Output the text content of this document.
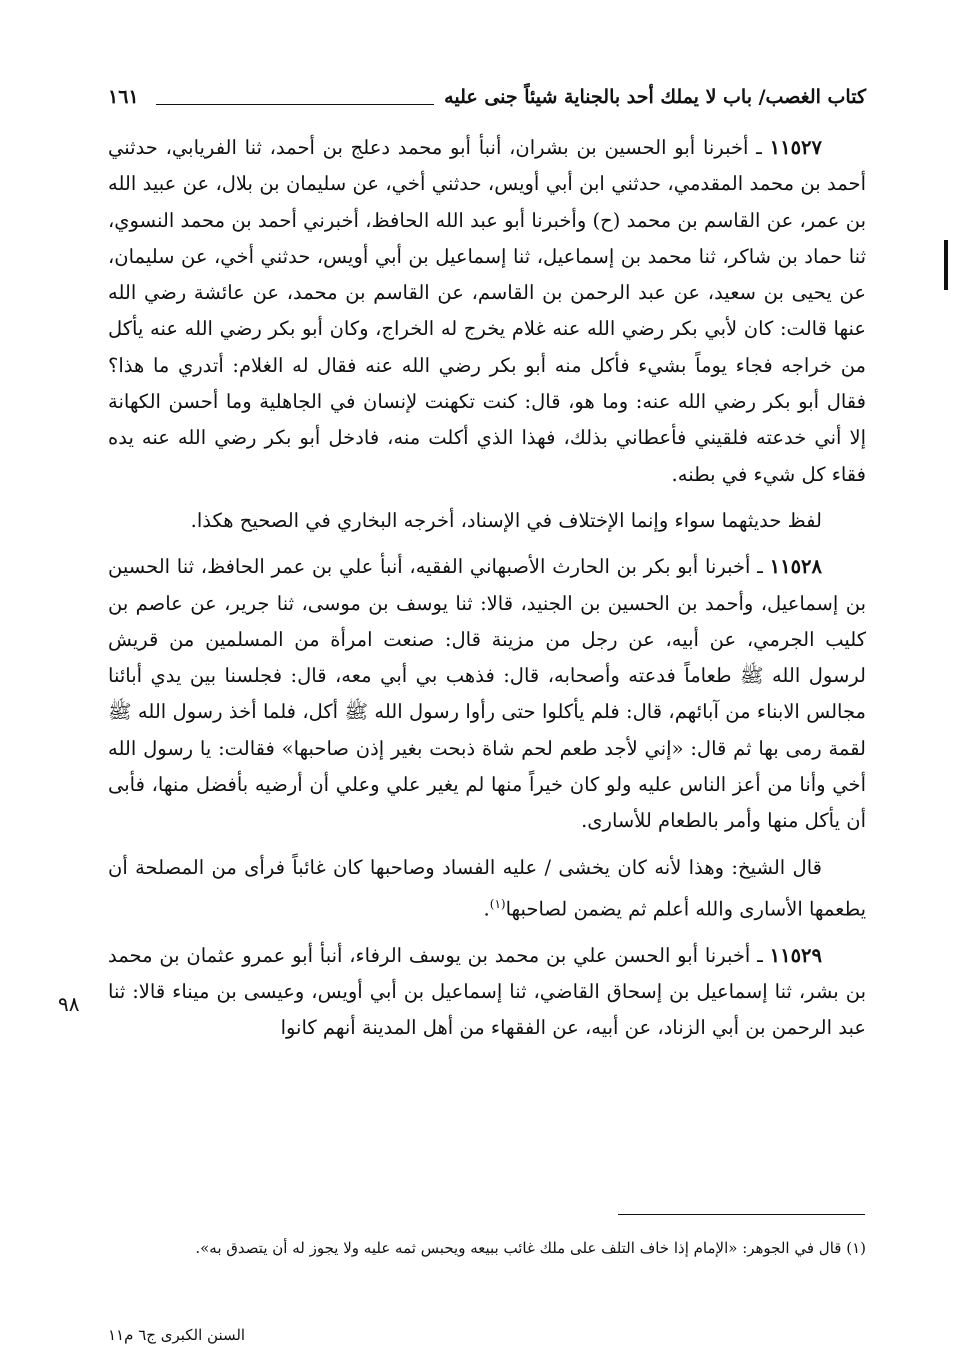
كتاب الغصب/ باب لا يملك أحد بالجناية شيئاً جنى عليه
١٦١

١١٥٢٧ ـ أخبرنا أبو الحسين بن بشران، أنبأ أبو محمد دعلج بن أحمد، ثنا الفريابي، حدثني أحمد بن محمد المقدمي، حدثني ابن أبي أويس، حدثني أخي، عن سليمان بن بلال، عن عبيد الله بن عمر، عن القاسم بن محمد (ح) وأخبرنا أبو عبد الله الحافظ، أخبرني أحمد بن محمد النسوي، ثنا حماد بن شاكر، ثنا محمد بن إسماعيل، ثنا إسماعيل بن أبي أويس، حدثني أخي، عن سليمان، عن يحيى بن سعيد، عن عبد الرحمن بن القاسم، عن القاسم بن محمد، عن عائشة رضي الله عنها قالت: كان لأبي بكر رضي الله عنه غلام يخرج له الخراج، وكان أبو بكر رضي الله عنه يأكل من خراجه فجاء يوماً بشيء فأكل منه أبو بكر رضي الله عنه فقال له الغلام: أتدري ما هذا؟ فقال أبو بكر رضي الله عنه: وما هو، قال: كنت تكهنت لإنسان في الجاهلية وما أحسن الكهانة إلا أني خدعته فلقيني فأعطاني بذلك، فهذا الذي أكلت منه، فادخل أبو بكر رضي الله عنه يده فقاء كل شيء في بطنه.

لفظ حديثهما سواء وإنما الإختلاف في الإسناد، أخرجه البخاري في الصحيح هكذا.

١١٥٢٨ ـ أخبرنا أبو بكر بن الحارث الأصبهاني الفقيه، أنبأ علي بن عمر الحافظ، ثنا الحسين بن إسماعيل، وأحمد بن الحسين بن الجنيد، قالا: ثنا يوسف بن موسى، ثنا جرير، عن عاصم بن كليب الجرمي، عن أبيه، عن رجل من مزينة قال: صنعت امرأة من المسلمين من قريش لرسول الله ﷺ طعاماً فدعته وأصحابه، قال: فذهب بي أبي معه، قال: فجلسنا بين يدي أبائنا مجالس الابناء من آبائهم، قال: فلم يأكلوا حتى رأوا رسول الله ﷺ أكل، فلما أخذ رسول الله ﷺ لقمة رمى بها ثم قال: «إني لأجد طعم لحم شاة ذبحت بغير إذن صاحبها» فقالت: يا رسول الله أخي وأنا من أعز الناس عليه ولو كان خيراً منها لم يغير علي وعلي أن أرضيه بأفضل منها، فأبى أن يأكل منها وأمر بالطعام للأسارى.

قال الشيخ: وهذا لأنه كان يخشى / عليه الفساد وصاحبها كان غائباً فرأى من المصلحة أن يطعمها الأسارى والله أعلم ثم يضمن لصاحبها$^{(١)}$.

١١٥٢٩ ـ أخبرنا أبو الحسن علي بن محمد بن يوسف الرفاء، أنبأ أبو عمرو عثمان بن محمد بن بشر، ثنا إسماعيل بن إسحاق القاضي، ثنا إسماعيل بن أبي أويس، وعيسى بن ميناء قالا: ثنا عبد الرحمن بن أبي الزناد، عن أبيه، عن الفقهاء من أهل المدينة أنهم كانوا

٩٨
(١) قال في الجوهر: «الإمام إذا خاف التلف على ملك غائب ببيعه ويحبس ثمه عليه ولا يجوز له أن يتصدق به».
السنن الكبرى ج٦ م١١
